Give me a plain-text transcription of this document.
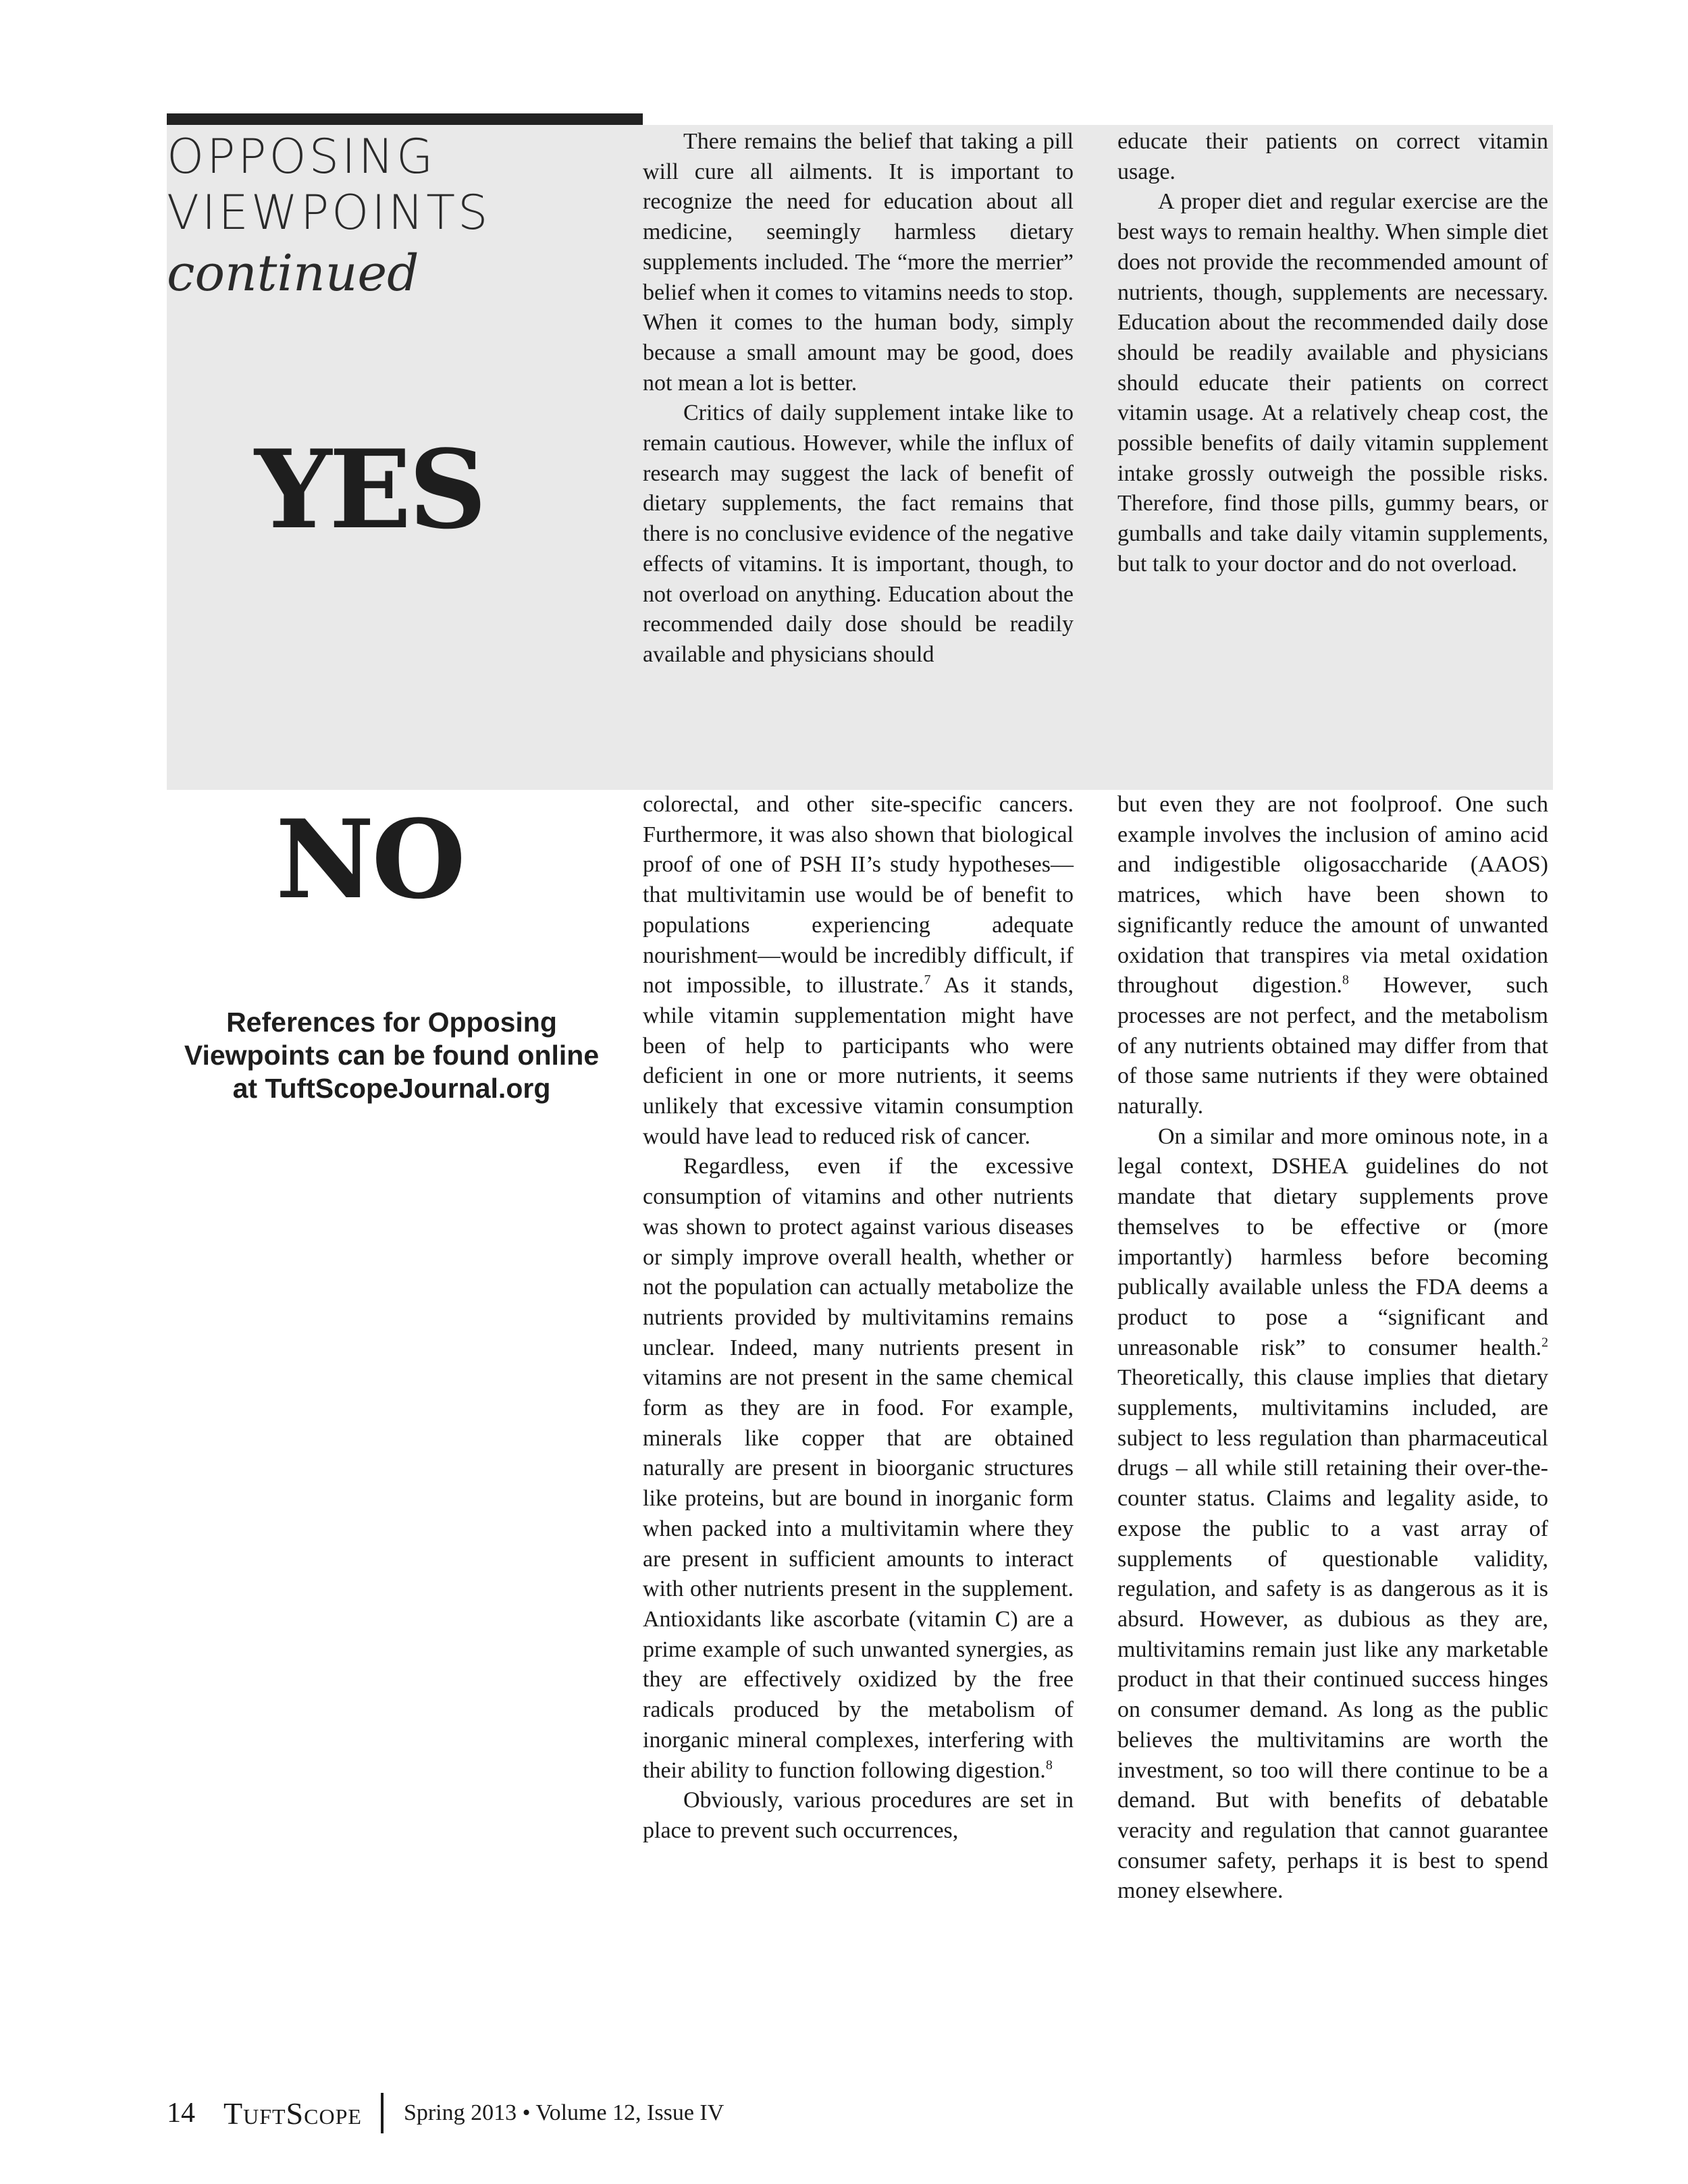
OPPOSING
VIEWPOINTS
continued
YES
NO
References for Opposing Viewpoints can be found online at TuftScopeJournal.org

There remains the belief that taking a pill will cure all ailments. It is important to recognize the need for education about all medicine, seemingly harmless dietary supplements included. The “more the merrier” belief when it comes to vitamins needs to stop. When it comes to the human body, simply because a small amount may be good, does not mean a lot is better.

Critics of daily supplement intake like to remain cautious. However, while the influx of research may suggest the lack of benefit of dietary supplements, the fact remains that there is no conclusive evidence of the negative effects of vitamins. It is important, though, to not overload on anything. Education about the recommended daily dose should be readily available and physicians should

educate their patients on correct vitamin usage.

A proper diet and regular exercise are the best ways to remain healthy. When simple diet does not provide the recommended amount of nutrients, though, supplements are necessary. Education about the recommended daily dose should be readily available and physicians should educate their patients on correct vitamin usage. At a relatively cheap cost, the possible benefits of daily vitamin supplement intake grossly outweigh the possible risks. Therefore, find those pills, gummy bears, or gumballs and take daily vitamin supplements, but talk to your doctor and do not overload.

colorectal, and other site-specific cancers. Furthermore, it was also shown that biological proof of one of PSH II’s study hypotheses—that multivitamin use would be of benefit to populations experiencing adequate nourishment—would be incredibly difficult, if not impossible, to illustrate.$^7$ As it stands, while vitamin supplementation might have been of help to participants who were deficient in one or more nutrients, it seems unlikely that excessive vitamin consumption would have lead to reduced risk of cancer.

Regardless, even if the excessive consumption of vitamins and other nutrients was shown to protect against various diseases or simply improve overall health, whether or not the population can actually metabolize the nutrients provided by multivitamins remains unclear. Indeed, many nutrients present in vitamins are not present in the same chemical form as they are in food. For example, minerals like copper that are obtained naturally are present in bioorganic structures like proteins, but are bound in inorganic form when packed into a multivitamin where they are present in sufficient amounts to interact with other nutrients present in the supplement. Antioxidants like ascorbate (vitamin C) are a prime example of such unwanted synergies, as they are effectively oxidized by the free radicals produced by the metabolism of inorganic mineral complexes, interfering with their ability to function following digestion.$^8$

Obviously, various procedures are set in place to prevent such occurrences,

but even they are not foolproof. One such example involves the inclusion of amino acid and indigestible oligosaccharide (AAOS) matrices, which have been shown to significantly reduce the amount of unwanted oxidation that transpires via metal oxidation throughout digestion.$^8$ However, such processes are not perfect, and the metabolism of any nutrients obtained may differ from that of those same nutrients if they were obtained naturally.

On a similar and more ominous note, in a legal context, DSHEA guidelines do not mandate that dietary supplements prove themselves to be effective or (more importantly) harmless before becoming publically available unless the FDA deems a product to pose a “significant and unreasonable risk” to consumer health.$^2$ Theoretically, this clause implies that dietary supplements, multivitamins included, are subject to less regulation than pharmaceutical drugs – all while still retaining their over-the-counter status. Claims and legality aside, to expose the public to a vast array of supplements of questionable validity, regulation, and safety is as dangerous as it is absurd. However, as dubious as they are, multivitamins remain just like any marketable product in that their continued success hinges on consumer demand. As long as the public believes the multivitamins are worth the investment, so too will there continue to be a demand. But with benefits of debatable veracity and regulation that cannot guarantee consumer safety, perhaps it is best to spend money elsewhere.

14 TuftScope Spring 2013 • Volume 12, Issue IV
